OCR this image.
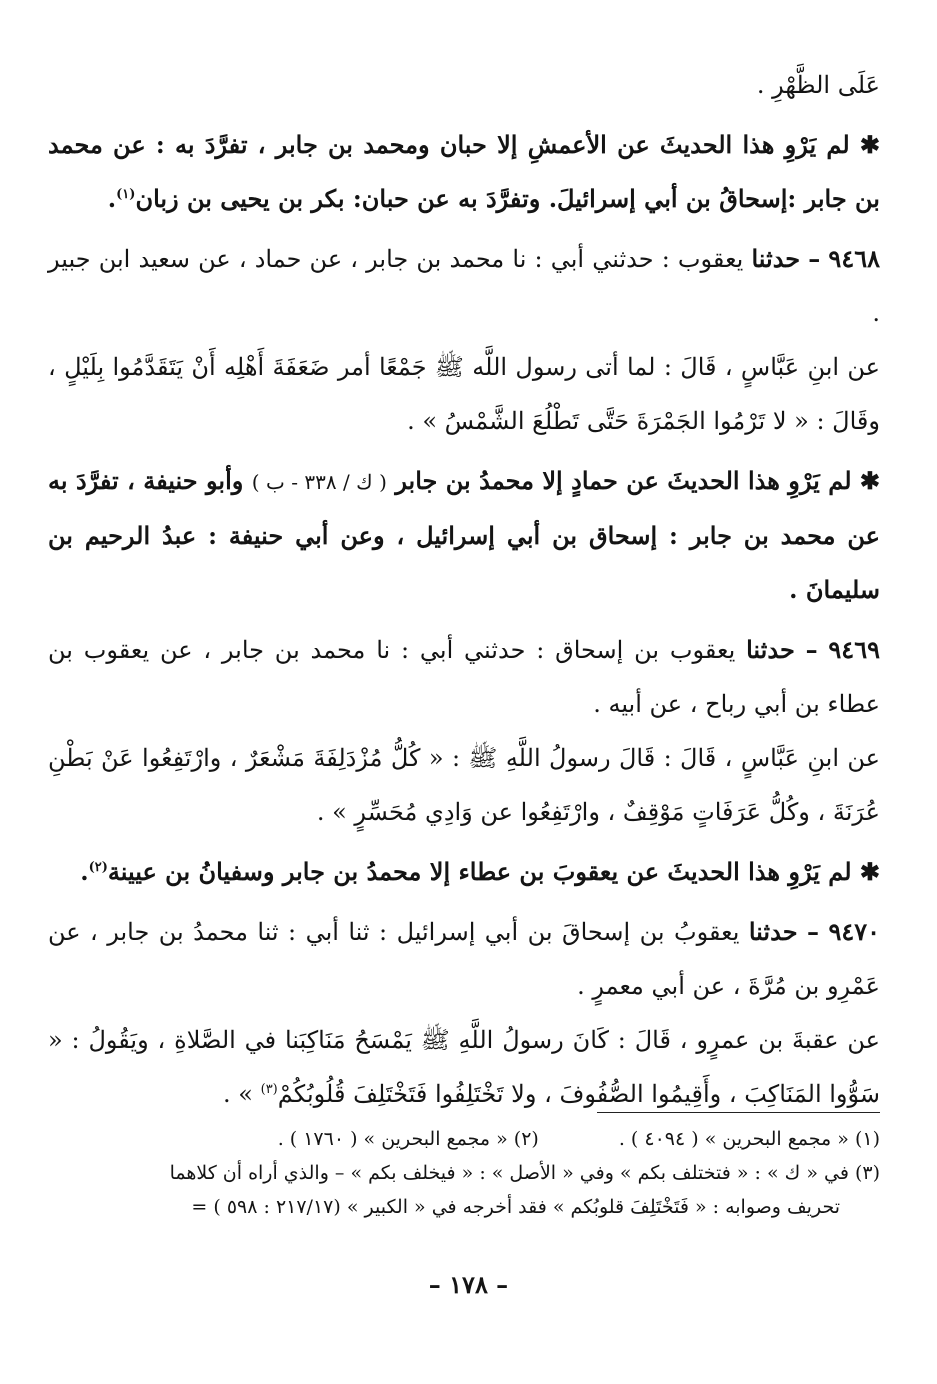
عَلَى الظَّهْرِ .

✱ لم يَرْوِ هذا الحديثَ عن الأعمشِ إلا حبان ومحمد بن جابر ، تفرَّدَ به : عن محمد بن جابر :إسحاقُ بن أبي إسرائيلَ. وتفرَّدَ به عن حبان: بكر بن يحيى بن زبان$^{(١)}$.

٩٤٦٨ – حدثنا يعقوب : حدثني أبي : نا محمد بن جابر ، عن حماد ، عن سعيد ابن جبير .

عن ابنِ عَبَّاسٍ ، قَالَ : لما أتى رسول اللَّه ﷺ جَمْعًا أمر ضَعَفَةَ أَهْلِه أَنْ يَتَقَدَّمُوا بِلَيْلٍ ، وقَالَ : « لا تَرْمُوا الجَمْرَةَ حَتَّى تَطْلُعَ الشَّمْسُ » .

✱ لم يَرْوِ هذا الحديثَ عن حمادٍ إلا محمدُ بن جابر ( ك / ٣٣٨ - ب ) وأبو حنيفة ، تفرَّدَ به عن محمد بن جابر : إسحاق بن أبي إسرائيل ، وعن أبي حنيفة : عبدُ الرحيم بن سليمانَ .

٩٤٦٩ – حدثنا يعقوب بن إسحاق : حدثني أبي : نا محمد بن جابر ، عن يعقوب بن عطاء بن أبي رباح ، عن أبيه .

عن ابنِ عَبَّاسٍ ، قَالَ : قَالَ رسولُ اللَّهِ ﷺ : « كُلُّ مُزْدَلِفَةَ مَشْعَرٌ ، وارْتَفِعُوا عَنْ بَطْنِ عُرَنَةَ ، وكُلُّ عَرَفَاتٍ مَوْقِفٌ ، وارْتَفِعُوا عن وَادِي مُحَسِّرٍ » .

✱ لم يَرْوِ هذا الحديثَ عن يعقوبَ بن عطاء إلا محمدُ بن جابر وسفيانُ بن عيينة$^{(٢)}$.

٩٤٧٠ – حدثنا يعقوبُ بن إسحاقَ بن أبي إسرائيل : ثنا أبي : ثنا محمدُ بن جابر ، عن عَمْرِو بن مُرَّةَ ، عن أبي معمرٍ .

عن عقبةَ بن عمرٍو ، قَالَ : كَانَ رسولُ اللَّهِ ﷺ يَمْسَحُ مَنَاكِبَنا في الصَّلاةِ ، ويَقُولُ : « سَوُّوا المَنَاكِبَ ، وأَقِيمُوا الصُّفُوفَ ، ولا تَخْتَلِفُوا فَتَخْتَلِفَ قُلُوبُكُمْ$^{(٣)}$ » .

(١) « مجمع البحرين » ( ٤٠٩٤ ) .
(٢) « مجمع البحرين » ( ١٧٦٠ ) .

(٣) في « ك » : « فتختلف بكم » وفي « الأصل » : « فيخلف بكم » – والذي أراه أن كلاهما

تحريف وصوابه : « فَتَخْتَلِفَ قلوبُكم » فقد أخرجه في « الكبير » (٢١٧/١٧ : ٥٩٨ ) =

– ١٧٨ –
